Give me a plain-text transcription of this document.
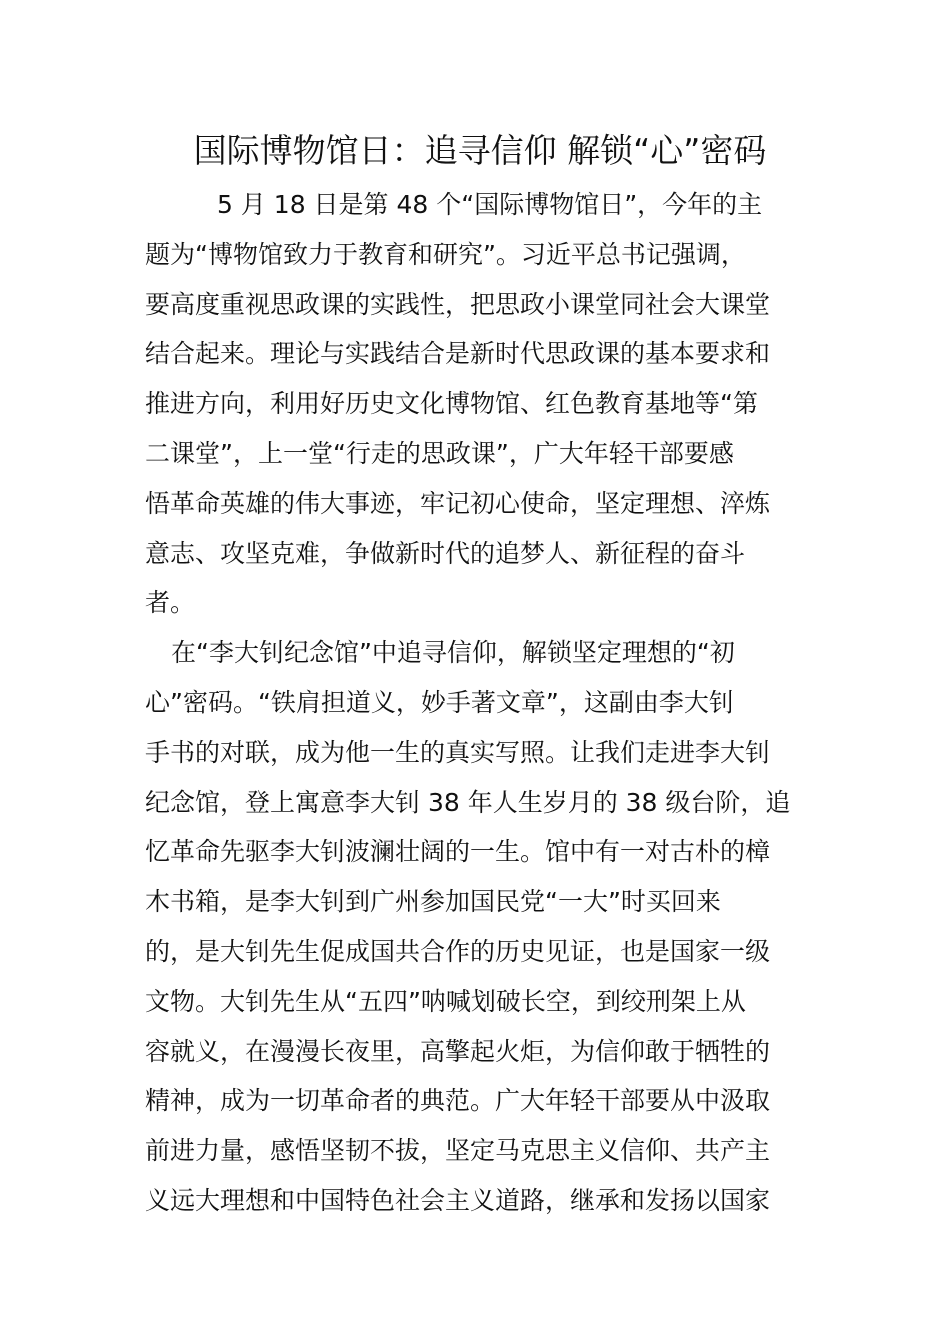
国际博物馆日：追寻信仰 解锁“心”密码
5 月 18 日是第 48 个“国际博物馆日”，今年的主
题为“博物馆致力于教育和研究”。习近平总书记强调，
要高度重视思政课的实践性，把思政小课堂同社会大课堂
结合起来。理论与实践结合是新时代思政课的基本要求和
推进方向，利用好历史文化博物馆、红色教育基地等“第
二课堂”，上一堂“行走的思政课”，广大年轻干部要感
悟革命英雄的伟大事迹，牢记初心使命，坚定理想、淬炼
意志、攻坚克难，争做新时代的追梦人、新征程的奋斗
者。
在“李大钊纪念馆”中追寻信仰，解锁坚定理想的“初
心”密码。“铁肩担道义，妙手著文章”，这副由李大钊
手书的对联，成为他一生的真实写照。让我们走进李大钊
纪念馆，登上寓意李大钊 38 年人生岁月的 38 级台阶，追
忆革命先驱李大钊波澜壮阔的一生。馆中有一对古朴的樟
木书箱，是李大钊到广州参加国民党“一大”时买回来
的，是大钊先生促成国共合作的历史见证，也是国家一级
文物。大钊先生从“五四”呐喊划破长空，到绞刑架上从
容就义，在漫漫长夜里，高擎起火炬，为信仰敢于牺牲的
精神，成为一切革命者的典范。广大年轻干部要从中汲取
前进力量，感悟坚韧不拔，坚定马克思主义信仰、共产主
义远大理想和中国特色社会主义道路，继承和发扬以国家
